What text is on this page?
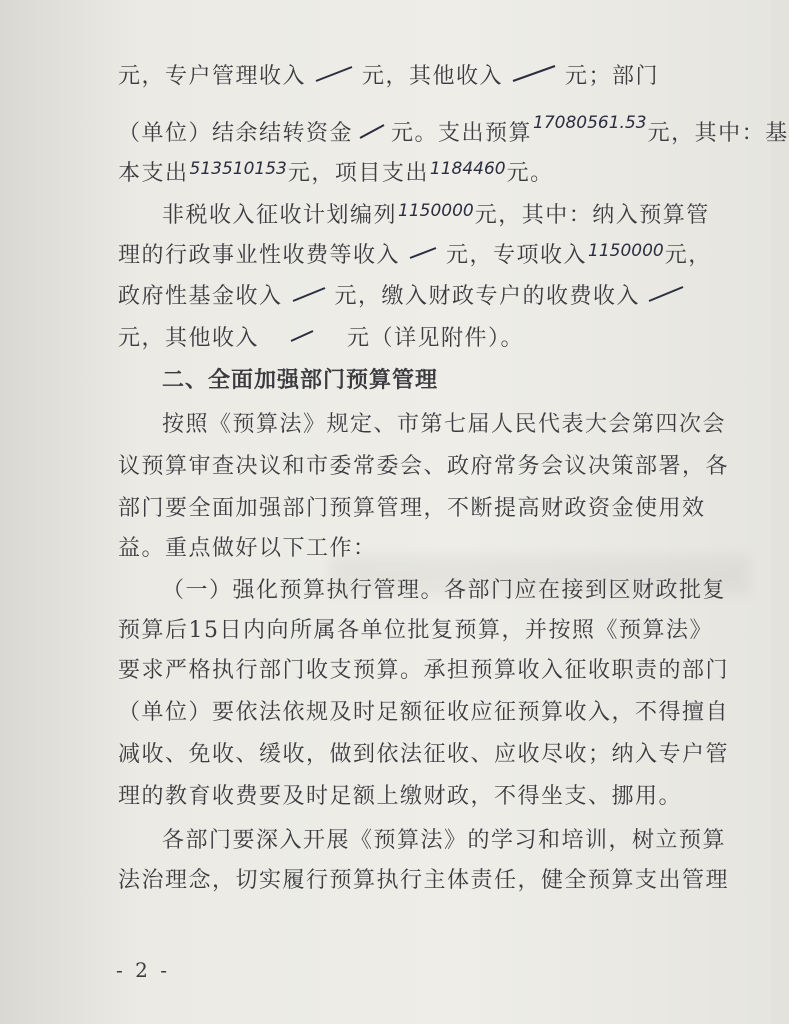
元，专户管理收入	元，其他收入	元；部门
（单位）结余结转资金 元。支出预算17080561.53元，其中：基
本支出513510153元，项目支出1184460元。
非税收入征收计划编列1150000元，其中：纳入预算管
理的行政事业性收费等收入 元，专项收入1150000元，
政府性基金收入 元，缴入财政专户的收费收入
元，其他收入	元（详见附件）。
二、全面加强部门预算管理
按照《预算法》规定、市第七届人民代表大会第四次会
议预算审查决议和市委常委会、政府常务会议决策部署，各
部门要全面加强部门预算管理，不断提高财政资金使用效
益。重点做好以下工作：
（一）强化预算执行管理。各部门应在接到区财政批复
预算后15日内向所属各单位批复预算，并按照《预算法》
要求严格执行部门收支预算。承担预算收入征收职责的部门
（单位）要依法依规及时足额征收应征预算收入，不得擅自
减收、免收、缓收，做到依法征收、应收尽收；纳入专户管
理的教育收费要及时足额上缴财政，不得坐支、挪用。
各部门要深入开展《预算法》的学习和培训，树立预算
法治理念，切实履行预算执行主体责任，健全预算支出管理
- 2 -
